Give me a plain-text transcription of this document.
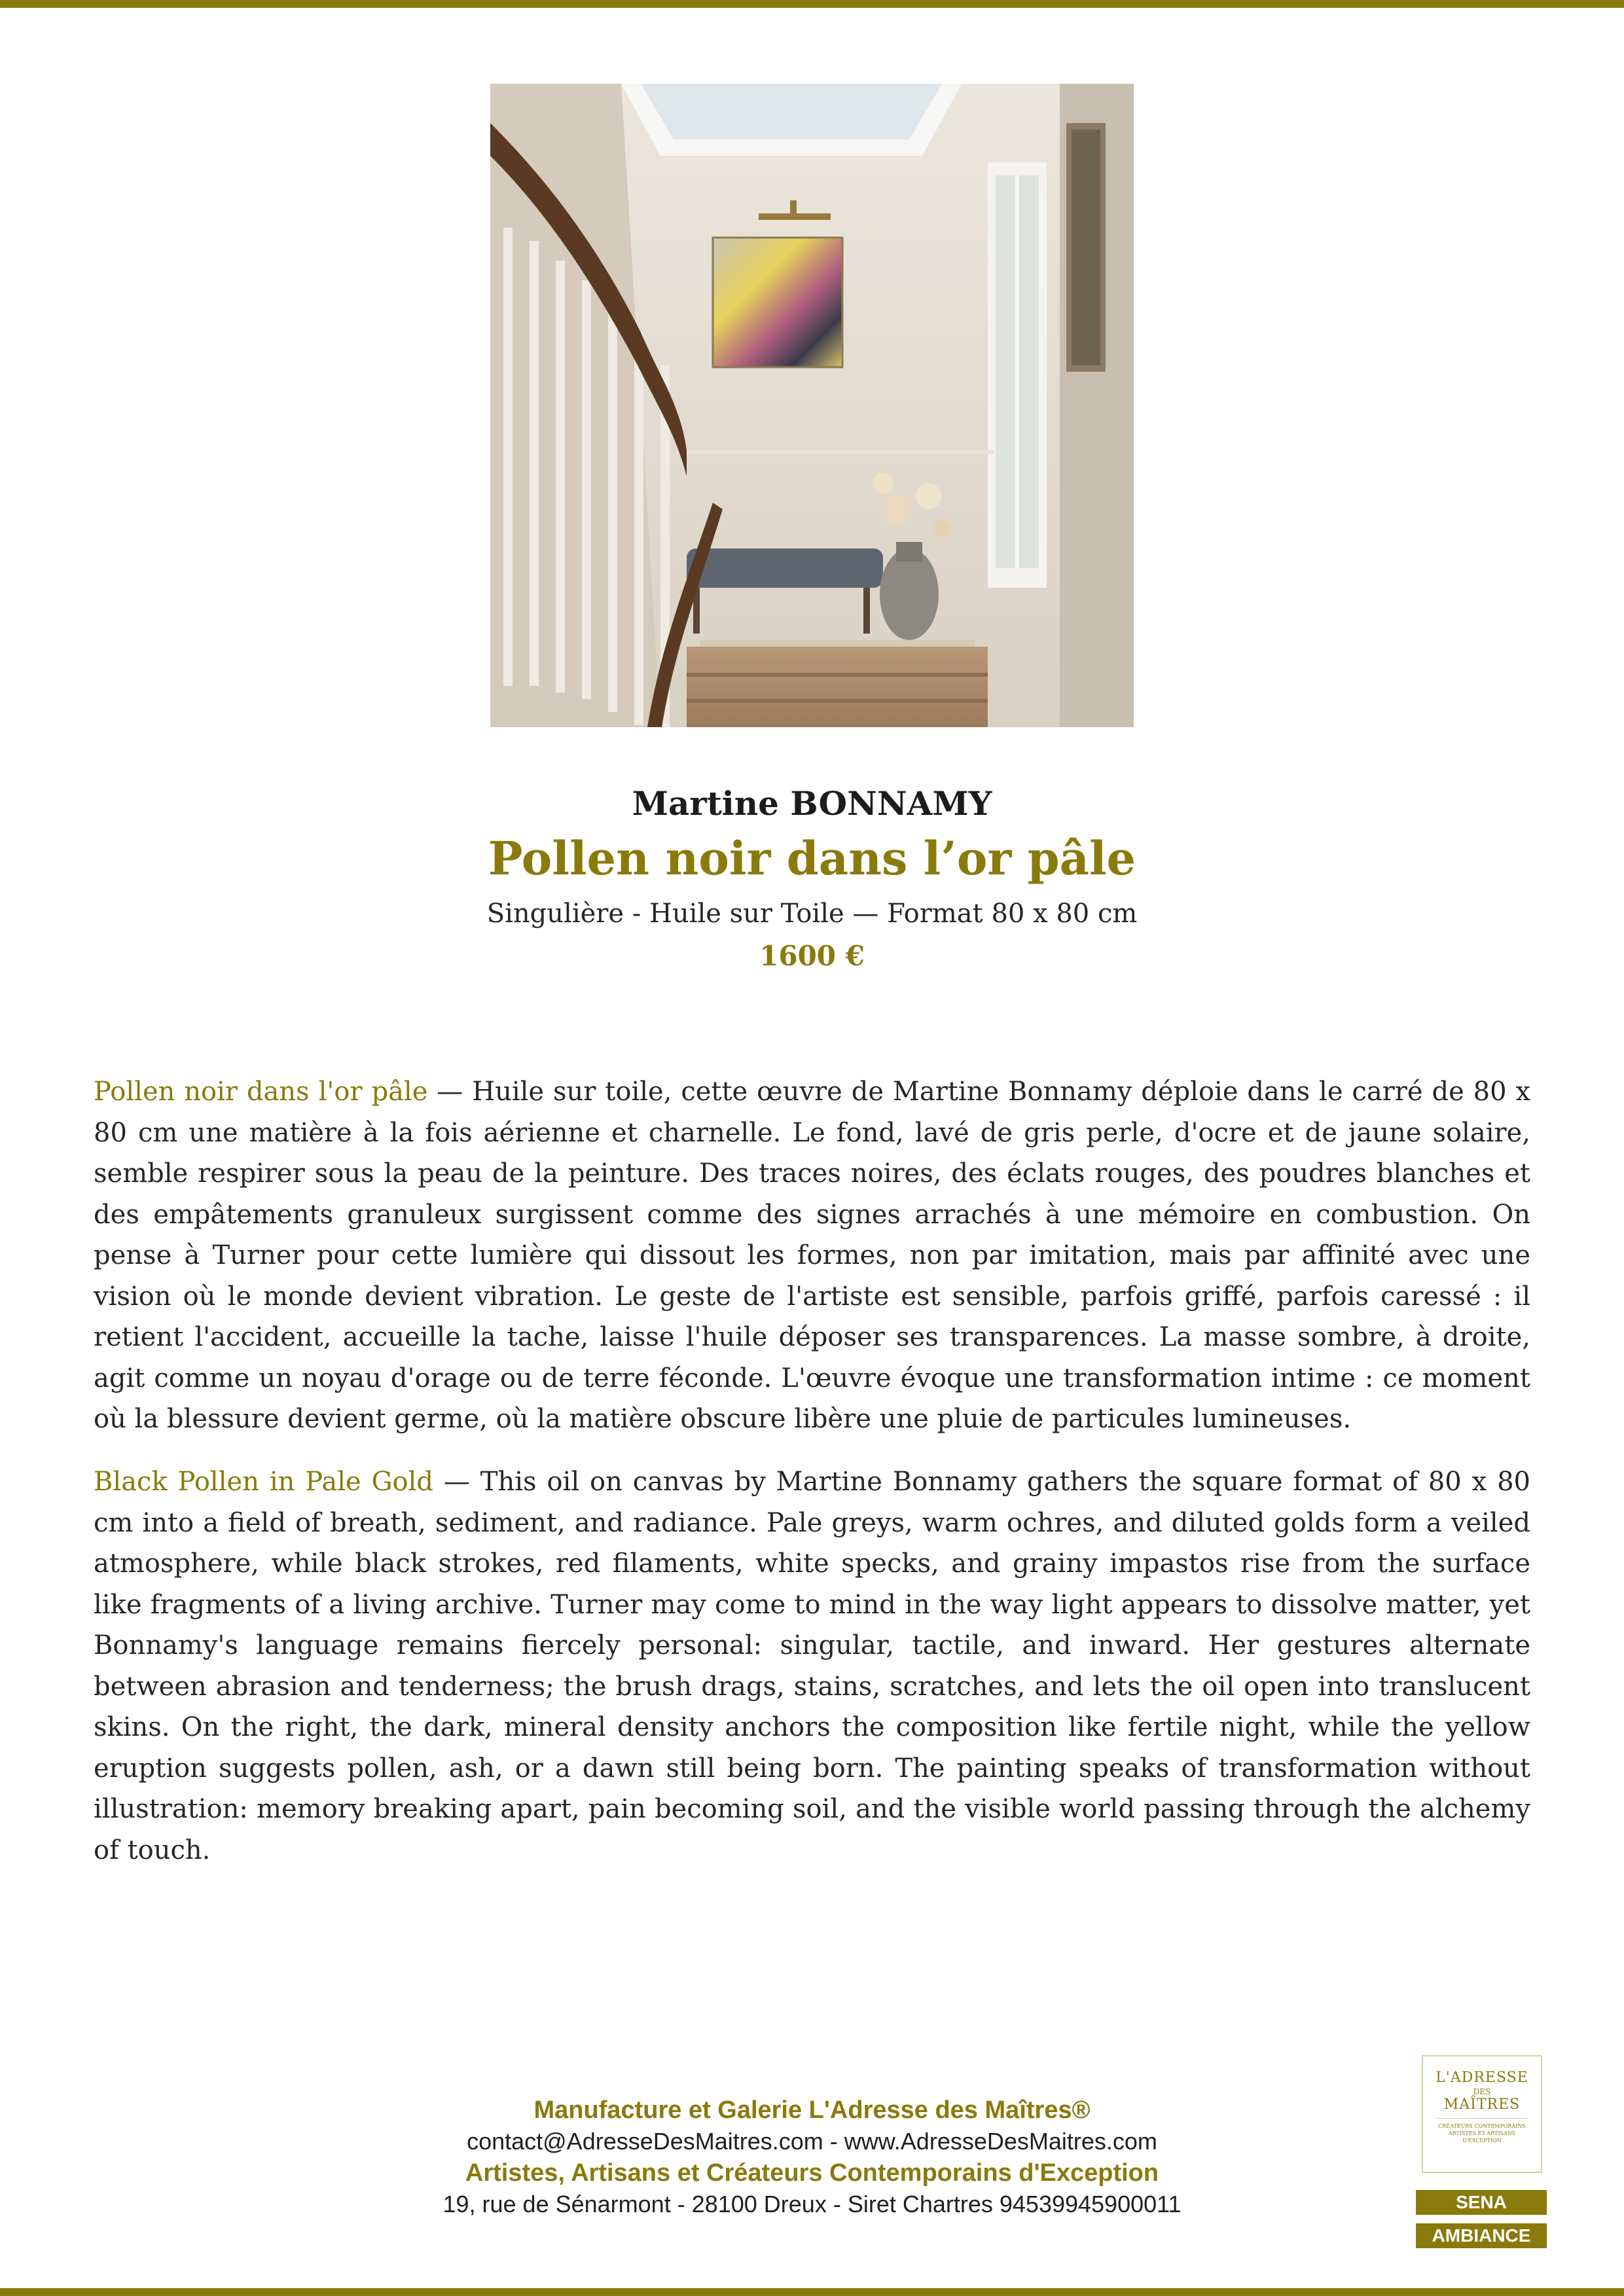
Martine BONNAMY
Pollen noir dans l’or pâle
Singulière - Huile sur Toile — Format 80 x 80 cm
1600 €

Pollen noir dans l'or pâle — Huile sur toile, cette œuvre de Martine Bonnamy déploie dans le carré de 80 x 80 cm une matière à la fois aérienne et charnelle. Le fond, lavé de gris perle, d'ocre et de jaune solaire, semble respirer sous la peau de la peinture. Des traces noires, des éclats rouges, des poudres blanches et des empâtements granuleux surgissent comme des signes arrachés à une mémoire en combustion. On pense à Turner pour cette lumière qui dissout les formes, non par imitation, mais par affinité avec une vision où le monde devient vibration. Le geste de l'artiste est sensible, parfois griffé, parfois caressé : il retient l'accident, accueille la tache, laisse l'huile déposer ses transparences. La masse sombre, à droite, agit comme un noyau d'orage ou de terre féconde. L'œuvre évoque une transformation intime : ce moment où la blessure devient germe, où la matière obscure libère une pluie de particules lumineuses.

Black Pollen in Pale Gold — This oil on canvas by Martine Bonnamy gathers the square format of 80 x 80 cm into a field of breath, sediment, and radiance. Pale greys, warm ochres, and diluted golds form a veiled atmosphere, while black strokes, red filaments, white specks, and grainy impastos rise from the surface like fragments of a living archive. Turner may come to mind in the way light appears to dissolve matter, yet Bonnamy's language remains fiercely personal: singular, tactile, and inward. Her gestures alternate between abrasion and tenderness; the brush drags, stains, scratches, and lets the oil open into translucent skins. On the right, the dark, mineral density anchors the composition like fertile night, while the yellow eruption suggests pollen, ash, or a dawn still being born. The painting speaks of transformation without illustration: memory breaking apart, pain becoming soil, and the visible world passing through the alchemy of touch.

Manufacture et Galerie L'Adresse des Maîtres®
contact@AdresseDesMaitres.com - www.AdresseDesMaitres.com
Artistes, Artisans et Créateurs Contemporains d'Exception
19, rue de Sénarmont - 28100 Dreux - Siret Chartres 94539945900011
L'ADRESSE
DES
MAÎTRES
CRÉATEURS CONTEMPORAINS ARTISTES ET ARTISANS D'EXCEPTION
SENA
AMBIANCE
